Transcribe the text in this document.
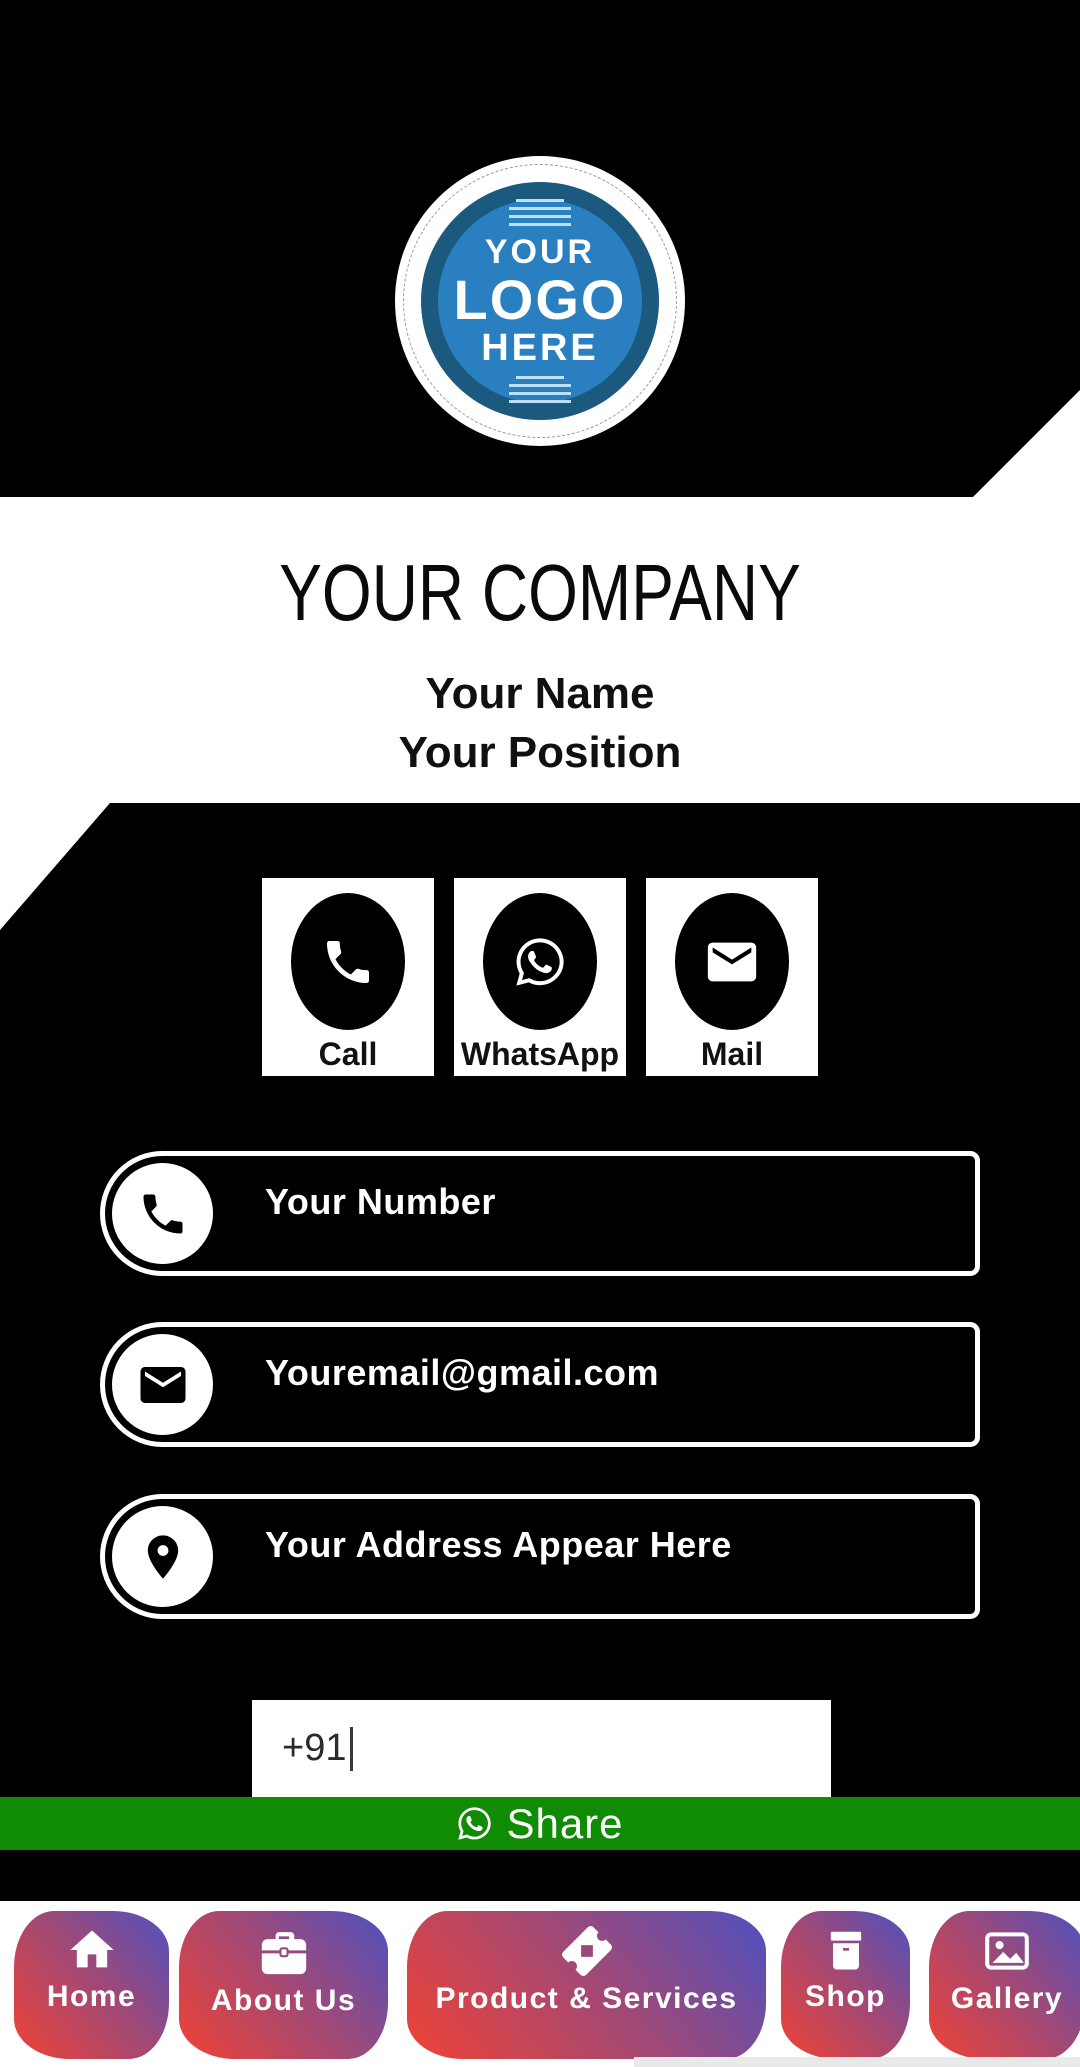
YOUR
LOGO
HERE
YOUR COMPANY
Your Name
Your Position
Call	WhatsApp	Mail
Your Number
Youremail@gmail.com
Your Address Appear Here
+91
Share
Home About Us	Product & Services Shop Gallery
